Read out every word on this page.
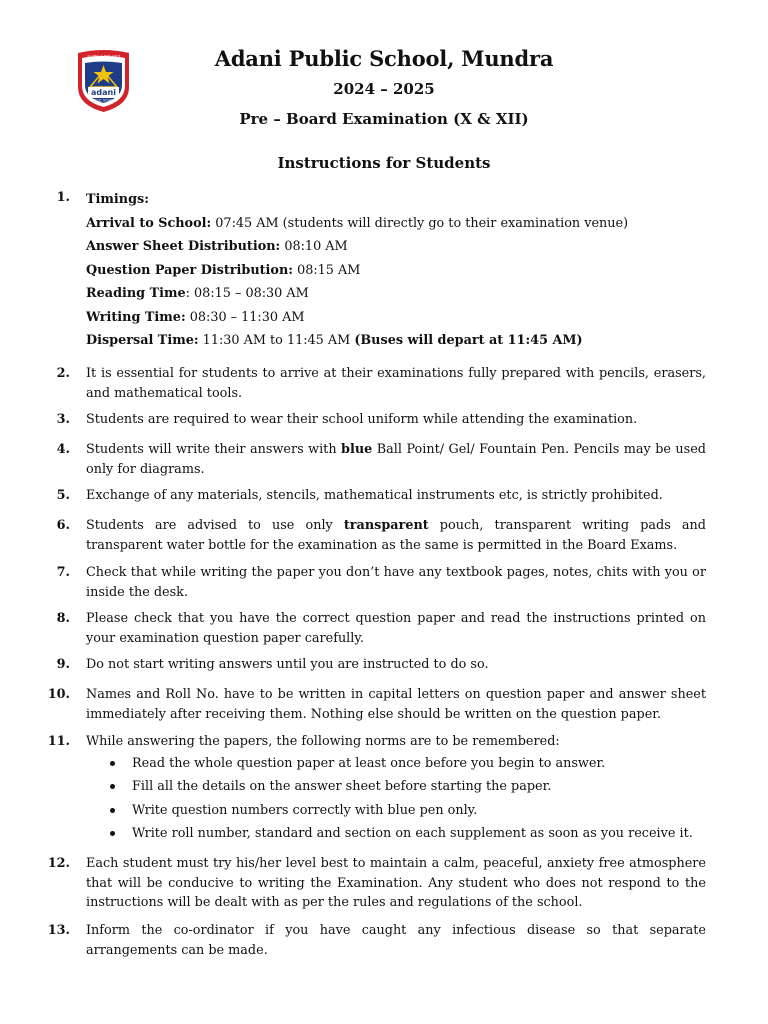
adani
PUBLIC SCHOOL
हम भविष्य का निर्माण करते हैं	Adani Public School, Mundra
2024 – 2025
Pre – Board Examination (X & XII)
Instructions for Students
1. Timings:
Arrival to School: 07:45 AM (students will directly go to their examination venue)
Answer Sheet Distribution: 08:10 AM
Question Paper Distribution: 08:15 AM
Reading Time: 08:15 – 08:30 AM
Writing Time: 08:30 – 11:30 AM
Dispersal Time: 11:30 AM to 11:45 AM (Buses will depart at 11:45 AM)
2. It is essential for students to arrive at their examinations fully prepared with pencils, erasers, and mathematical tools.
3. Students are required to wear their school uniform while attending the examination.
4. Students will write their answers with blue Ball Point/ Gel/ Fountain Pen. Pencils may be used only for diagrams.
5. Exchange of any materials, stencils, mathematical instruments etc, is strictly prohibited.
6. Students are advised to use only transparent pouch, transparent writing pads and transparent water bottle for the examination as the same is permitted in the Board Exams.
7. Check that while writing the paper you don’t have any textbook pages, notes, chits with you or inside the desk.
8. Please check that you have the correct question paper and read the instructions printed on your examination question paper carefully.
9. Do not start writing answers until you are instructed to do so.
10. Names and Roll No. have to be written in capital letters on question paper and answer sheet immediately after receiving them. Nothing else should be written on the question paper.
11. While answering the papers, the following norms are to be remembered:
Read the whole question paper at least once before you begin to answer.
Fill all the details on the answer sheet before starting the paper.
Write question numbers correctly with blue pen only.
Write roll number, standard and section on each supplement as soon as you receive it.
12. Each student must try his/her level best to maintain a calm, peaceful, anxiety free atmosphere that will be conducive to writing the Examination. Any student who does not respond to the instructions will be dealt with as per the rules and regulations of the school.
13. Inform the co-ordinator if you have caught any infectious disease so that separate arrangements can be made.
